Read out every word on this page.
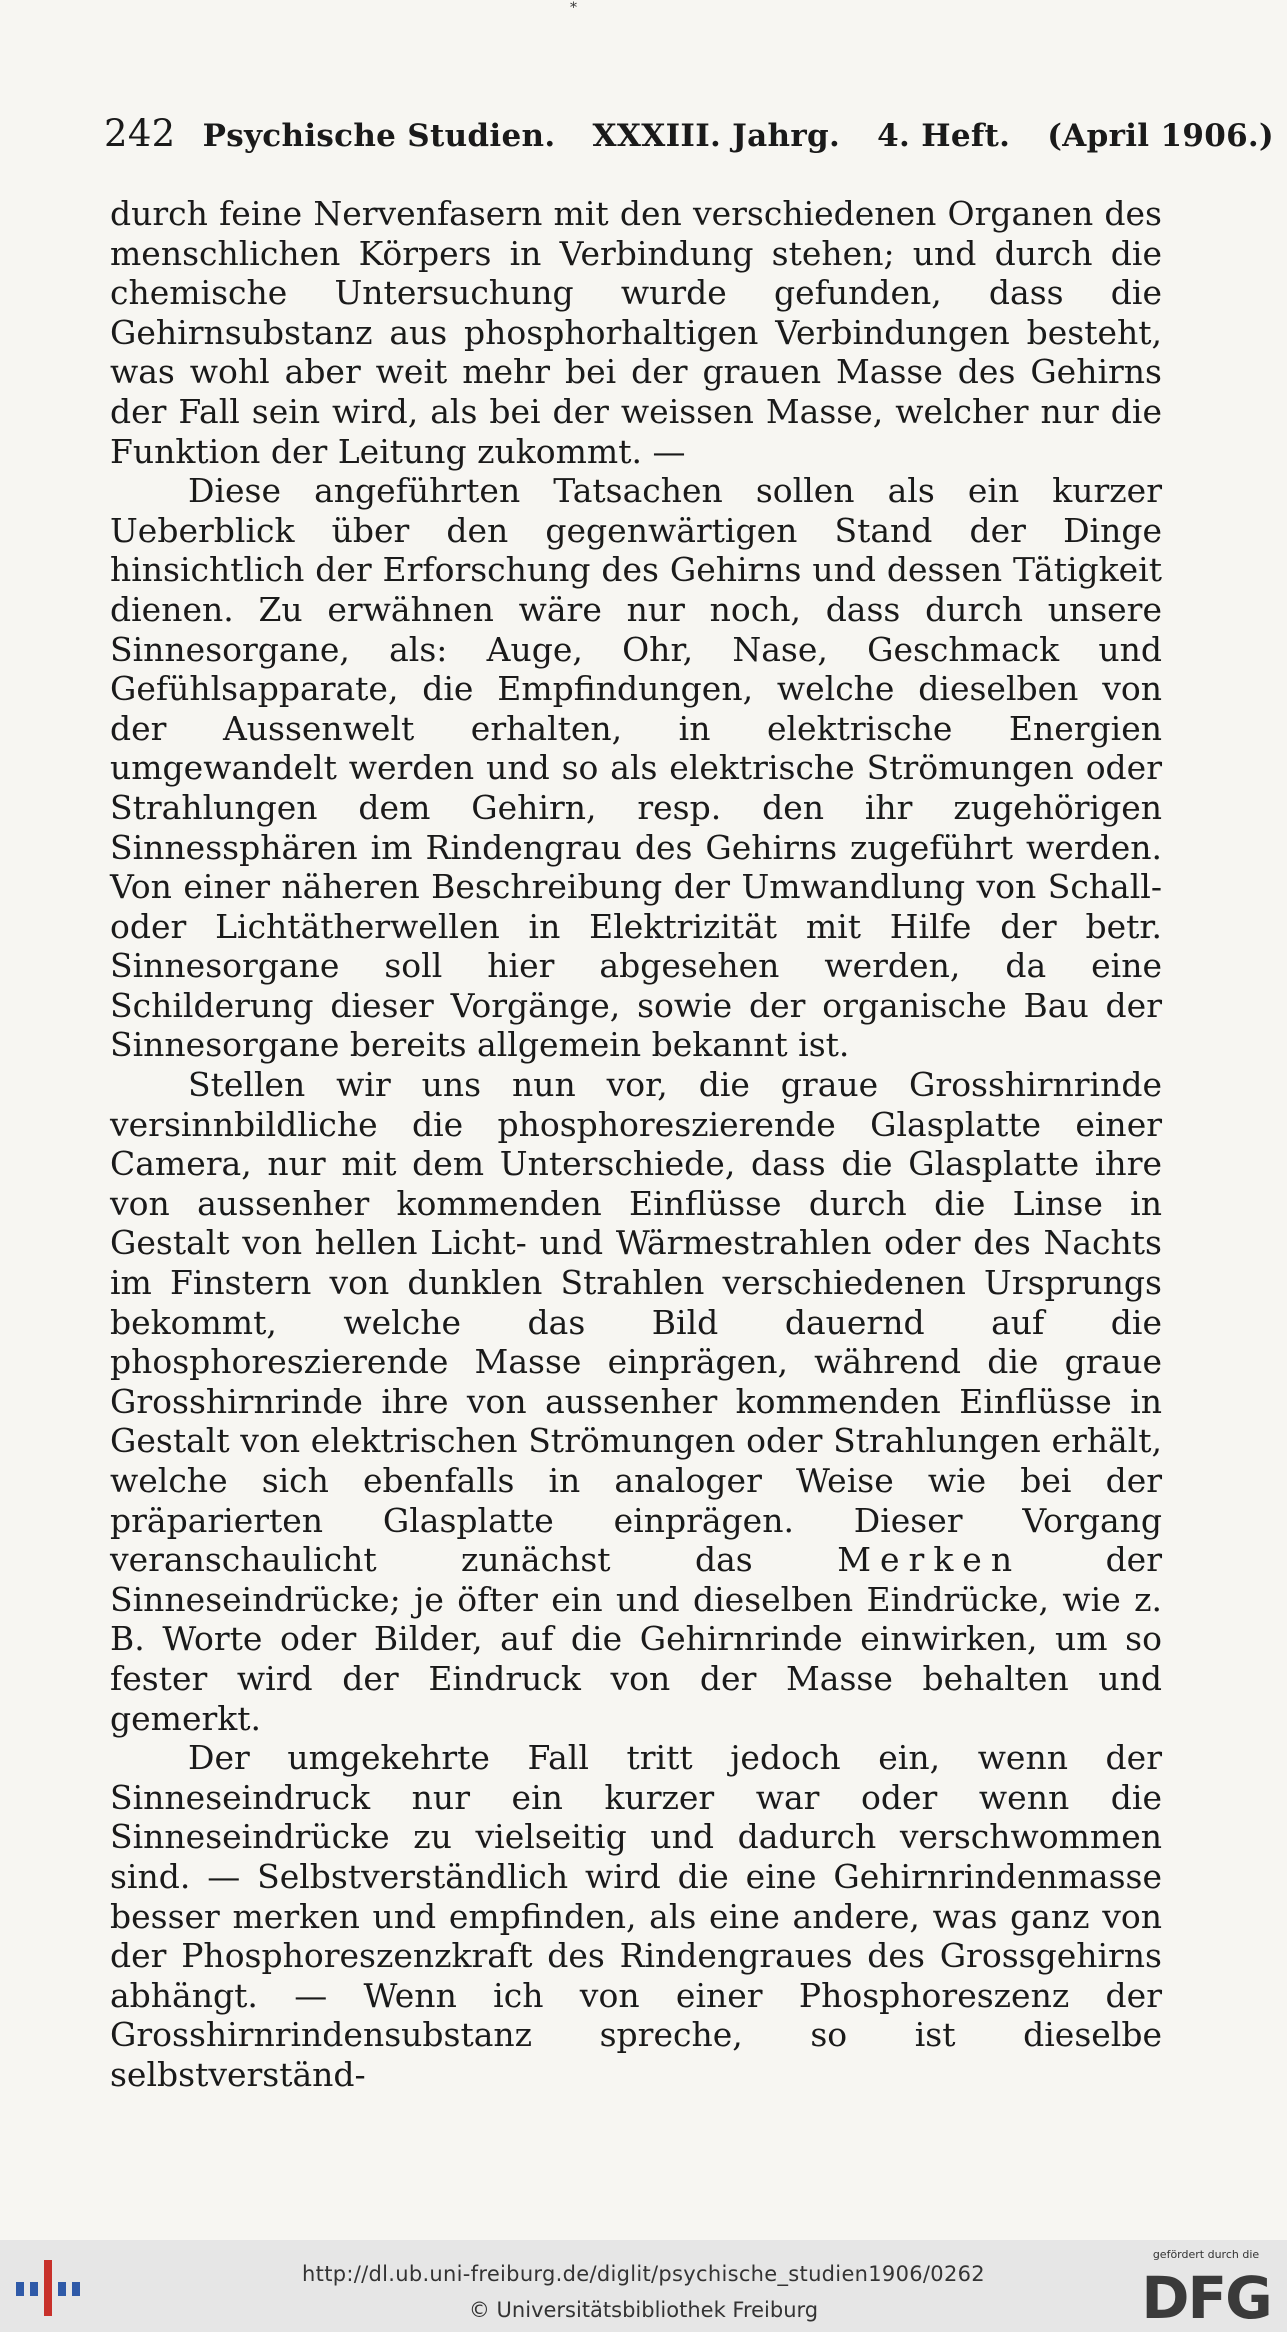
*
242 Psychische Studien. XXXIII. Jahrg. 4. Heft. (April 1906.)

durch feine Nervenfasern mit den verschiedenen Organen des menschlichen Körpers in Verbindung stehen; und durch die chemische Untersuchung wurde gefunden, dass die Gehirnsubstanz aus phosphorhaltigen Verbindungen besteht, was wohl aber weit mehr bei der grauen Masse des Gehirns der Fall sein wird, als bei der weissen Masse, welcher nur die Funktion der Leitung zukommt. —

Diese angeführten Tatsachen sollen als ein kurzer Ueberblick über den gegenwärtigen Stand der Dinge hinsichtlich der Erforschung des Gehirns und dessen Tätigkeit dienen. Zu erwähnen wäre nur noch, dass durch unsere Sinnesorgane, als: Auge, Ohr, Nase, Geschmack und Gefühlsapparate, die Empfindungen, welche dieselben von der Aussenwelt erhalten, in elektrische Energien umgewandelt werden und so als elektrische Strömungen oder Strahlungen dem Gehirn, resp. den ihr zugehörigen Sinnessphären im Rindengrau des Gehirns zugeführt werden. Von einer näheren Beschreibung der Umwandlung von Schall- oder Lichtätherwellen in Elektrizität mit Hilfe der betr. Sinnesorgane soll hier abgesehen werden, da eine Schilderung dieser Vorgänge, sowie der organische Bau der Sinnesorgane bereits allgemein bekannt ist.

Stellen wir uns nun vor, die graue Grosshirnrinde versinnbildliche die phosphoreszierende Glasplatte einer Camera, nur mit dem Unterschiede, dass die Glasplatte ihre von aussenher kommenden Einflüsse durch die Linse in Gestalt von hellen Licht- und Wärmestrahlen oder des Nachts im Finstern von dunklen Strahlen verschiedenen Ursprungs bekommt, welche das Bild dauernd auf die phosphoreszierende Masse einprägen, während die graue Grosshirnrinde ihre von aussenher kommenden Einflüsse in Gestalt von elektrischen Strömungen oder Strahlungen erhält, welche sich ebenfalls in analoger Weise wie bei der präparierten Glasplatte einprägen. Dieser Vorgang veranschaulicht zunächst das	Merken	der Sinneseindrücke; je öfter ein und dieselben Eindrücke, wie z. B. Worte oder Bilder, auf die Gehirnrinde einwirken, um so fester wird der Eindruck von der Masse behalten und gemerkt.

Der umgekehrte Fall tritt jedoch ein, wenn der Sinneseindruck nur ein kurzer war oder wenn die Sinneseindrücke zu vielseitig und dadurch verschwommen sind. — Selbstverständlich wird die eine Gehirnrindenmasse besser merken und empfinden, als eine andere, was ganz von der Phosphoreszenzkraft des Rindengraues des Grossgehirns abhängt. — Wenn ich von einer Phosphoreszenz der Grosshirnrindensubstanz spreche, so ist dieselbe selbstverständ-

http://dl.ub.uni-freiburg.de/diglit/psychische_studien1906/0262
© Universitätsbibliothek Freiburg
gefördert durch die
DFG
